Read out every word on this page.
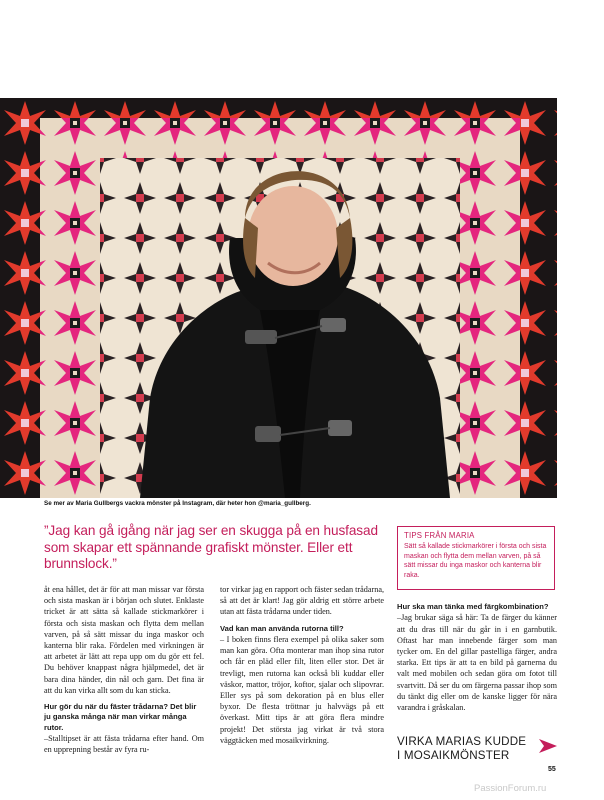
Se mer av Maria Gullbergs vackra mönster på Instagram, där heter hon @maria_gullberg.
”Jag kan gå igång när jag ser en skugga på en husfasad som skapar ett spännande grafiskt mönster. Eller ett brunnslock.”

åt ena hållet, det är för att man missar var första och sista maskan är i början och slutet. Enklaste tricket är att sätta så kallade stickmarkörer i första och sista maskan och flytta dem mellan varven, på så sätt missar du inga maskor och kanterna blir raka. Fördelen med virkningen är att arbetet är lätt att repa upp om du gör ett fel. Du behöver knappast några hjälpmedel, det är bara dina händer, din nål och garn. Det fina är att du kan virka allt som du kan sticka.

Hur gör du när du fäster trådarna? Det blir ju ganska många när man virkar många rutor.

–Stalltipset är att fästa trådarna efter hand. Om en upprepning består av fyra ru-

tor virkar jag en rapport och fäster sedan trådarna, så att det är klart! Jag gör aldrig ett större arbete utan att fästa trådarna under tiden.

Vad kan man använda rutorna till?

– I boken finns flera exempel på olika saker som man kan göra. Ofta monterar man ihop sina rutor och får en pläd eller filt, liten eller stor. Det är trevligt, men rutorna kan också bli kuddar eller väskor, mattor, tröjor, koftor, sjalar och slipovrar. Eller sys på som dekoration på en blus eller byxor. De flesta tröttnar ju halvvägs på ett överkast. Mitt tips är att göra flera mindre projekt! Det största jag virkat är två stora väggtäcken med mosaikvirkning.

TIPS FRÅN MARIA
Sätt så kallade stickmarkörer i första och sista maskan och flytta dem mellan varven, på så sätt missar du inga maskor och kanterna blir raka.
Hur ska man tänka med färgkombination?

–Jag brukar säga så här: Ta de färger du känner att du dras till när du går in i en garnbutik. Oftast har man innebende färger som man tycker om. En del gillar pastelliga färger, andra starka. Ett tips är att ta en bild på garnerna du valt med mobilen och sedan göra om fotot till svartvitt. Då ser du om färgerna passar ihop som du tänkt dig eller om de kanske ligger för nära varandra i gråskalan.

VIRKA MARIAS KUDDE
I MOSAIKMÖNSTER
55
PassionForum.ru
